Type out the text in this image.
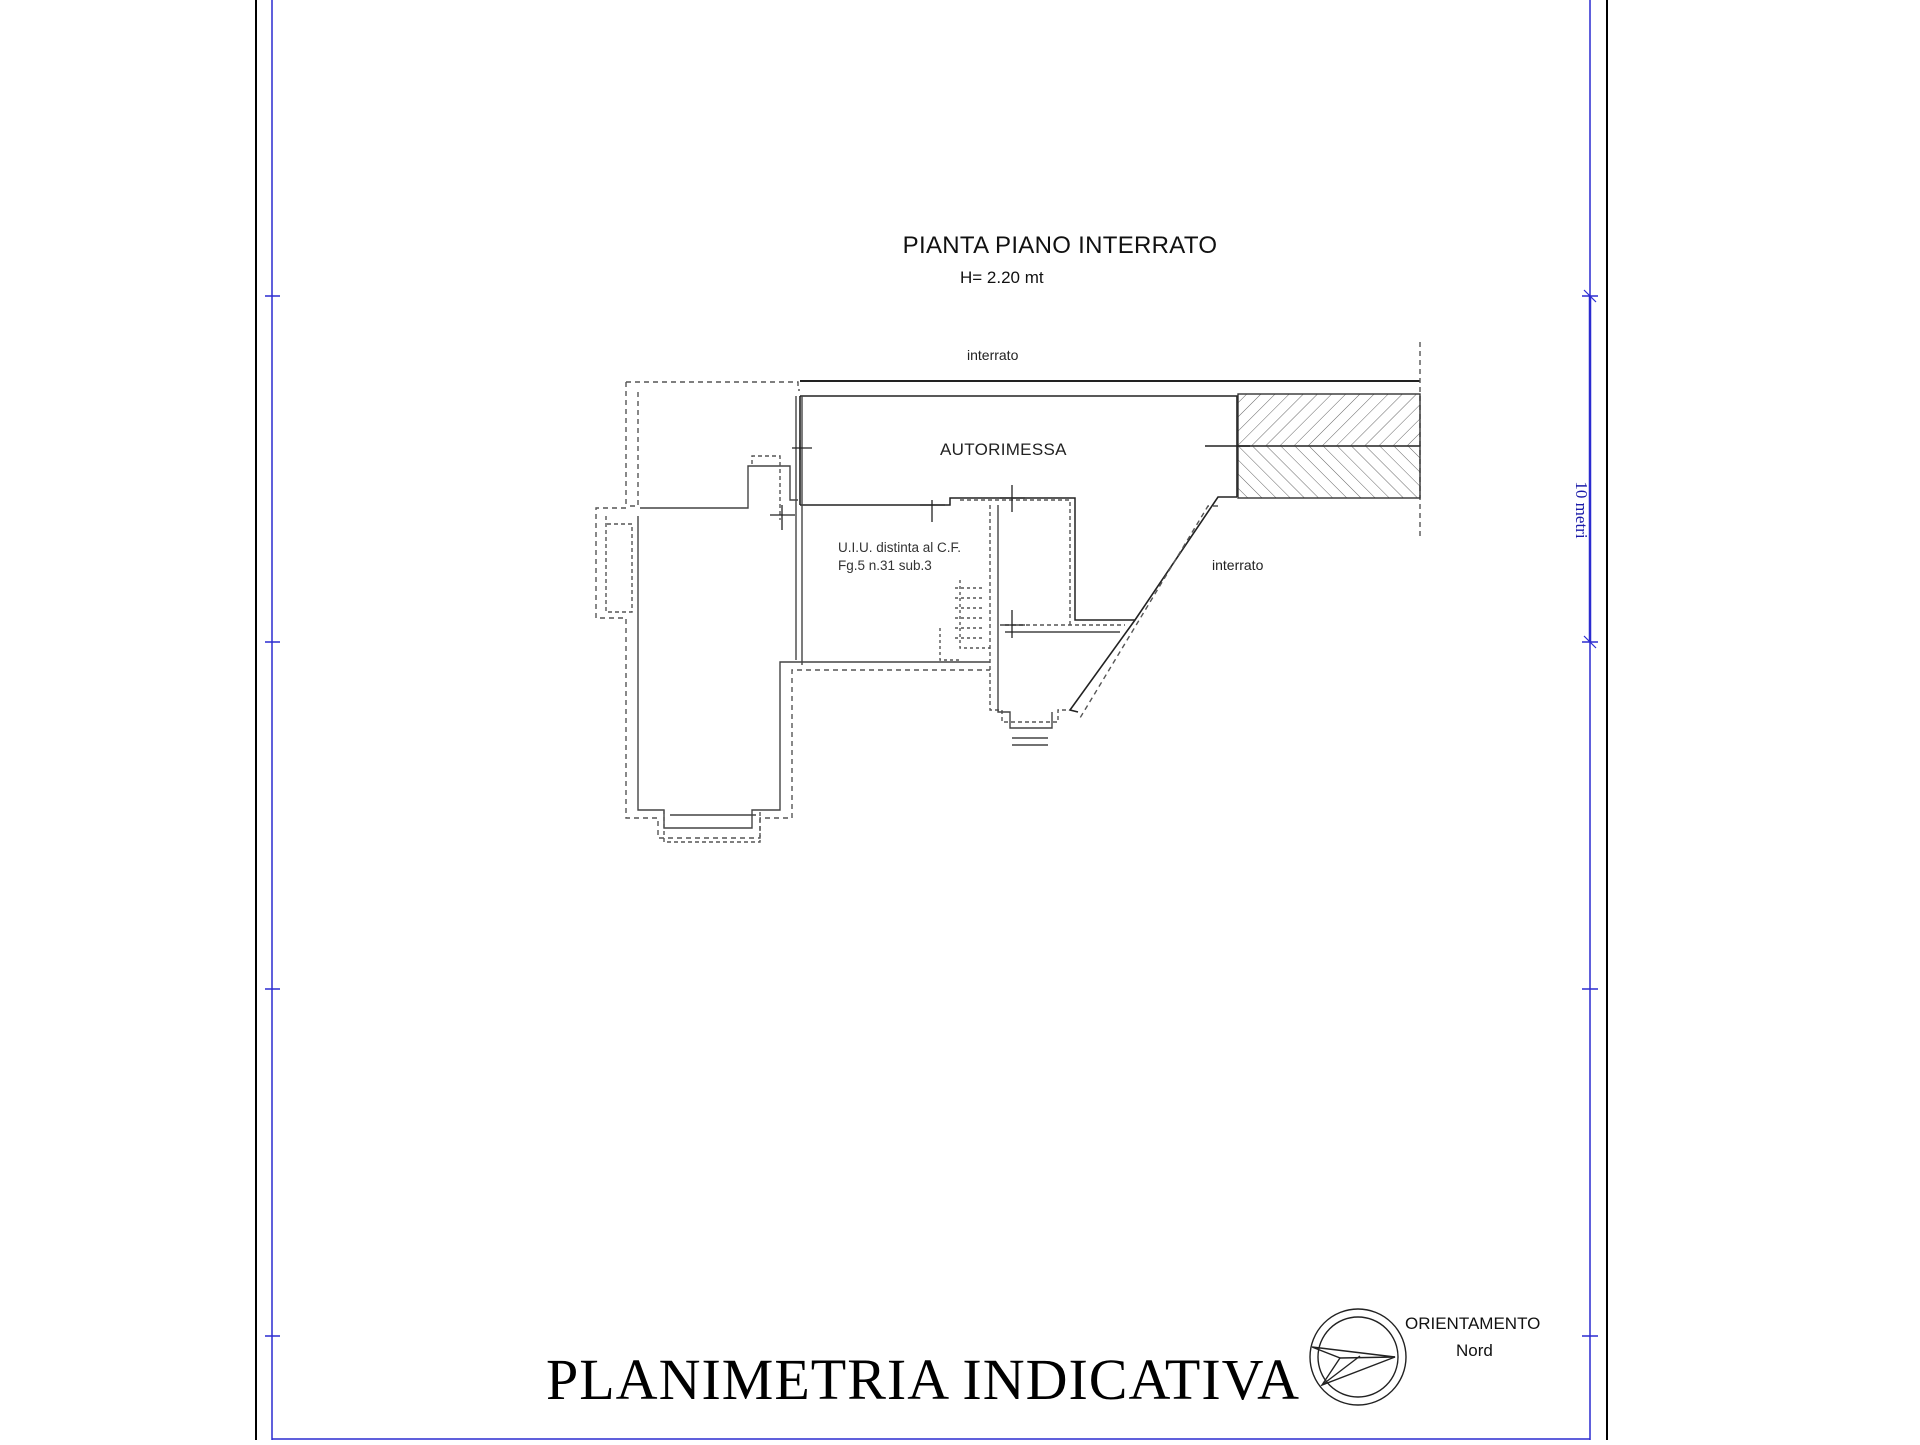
PIANTA PIANO INTERRATO
H= 2.20 mt
interrato
interrato
AUTORIMESSA
U.I.U. distinta al C.F.
Fg.5 n.31 sub.3
10 metri
ORIENTAMENTO
Nord
PLANIMETRIA INDICATIVA
